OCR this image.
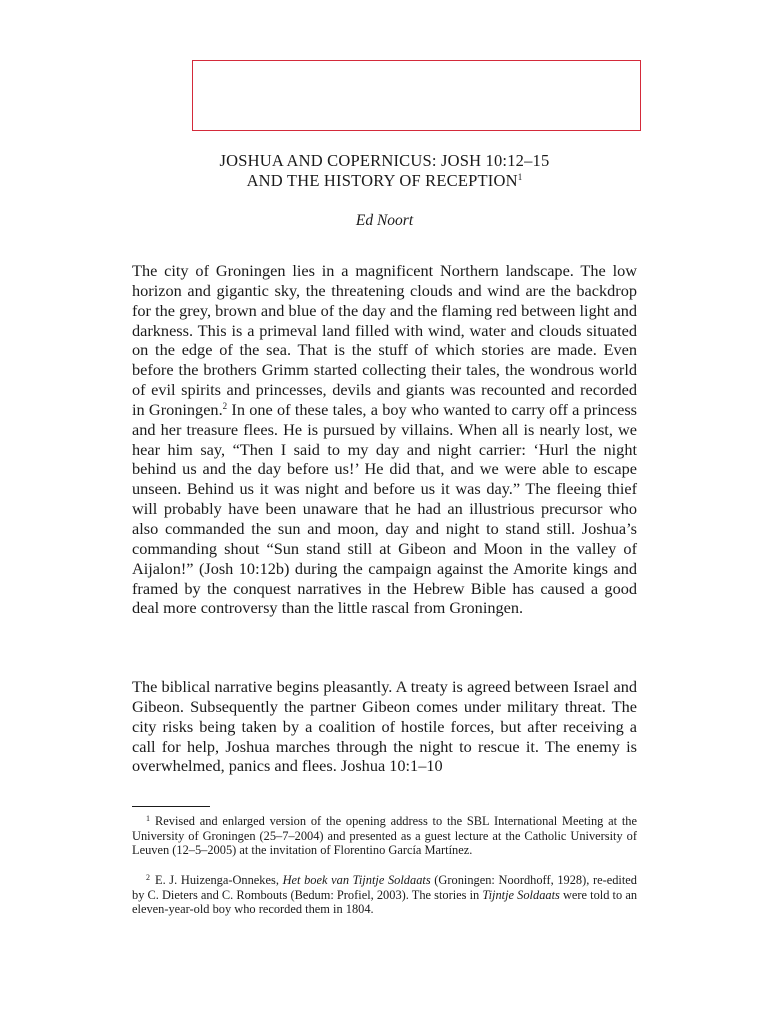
JOSHUA AND COPERNICUS: JOSH 10:12–15
AND THE HISTORY OF RECEPTION$^1$
Ed Noort
The city of Groningen lies in a magnificent Northern landscape. The low horizon and gigantic sky, the threatening clouds and wind are the backdrop for the grey, brown and blue of the day and the flaming red between light and darkness. This is a primeval land filled with wind, water and clouds situated on the edge of the sea. That is the stuff of which stories are made. Even before the brothers Grimm started collecting their tales, the wondrous world of evil spirits and princesses, devils and giants was recounted and recorded in Groningen.$^2$ In one of these tales, a boy who wanted to carry off a princess and her treasure flees. He is pursued by villains. When all is nearly lost, we hear him say, “Then I said to my day and night carrier: ‘Hurl the night behind us and the day before us!’ He did that, and we were able to escape unseen. Behind us it was night and before us it was day.” The fleeing thief will probably have been unaware that he had an illustrious precursor who also commanded the sun and moon, day and night to stand still. Joshua’s commanding shout “Sun stand still at Gibeon and Moon in the valley of Aijalon!” (Josh 10:12b) during the campaign against the Amorite kings and framed by the conquest narratives in the Hebrew Bible has caused a good deal more controversy than the little rascal from Groningen.
The biblical narrative begins pleasantly. A treaty is agreed between Israel and Gibeon. Subsequently the partner Gibeon comes under military threat. The city risks being taken by a coalition of hostile forces, but after receiving a call for help, Joshua marches through the night to rescue it. The enemy is overwhelmed, panics and flees. Joshua 10:1–10
$^1$ Revised and enlarged version of the opening address to the SBL International Meeting at the University of Groningen (25–7–2004) and presented as a guest lecture at the Catholic University of Leuven (12–5–2005) at the invitation of Florentino García Martínez.
$^2$ E. J. Huizenga-Onnekes, Het boek van Tijntje Soldaats (Groningen: Noordhoff, 1928), re-edited by C. Dieters and C. Rombouts (Bedum: Profiel, 2003). The stories in Tijntje Soldaats were told to an eleven-year-old boy who recorded them in 1804.
